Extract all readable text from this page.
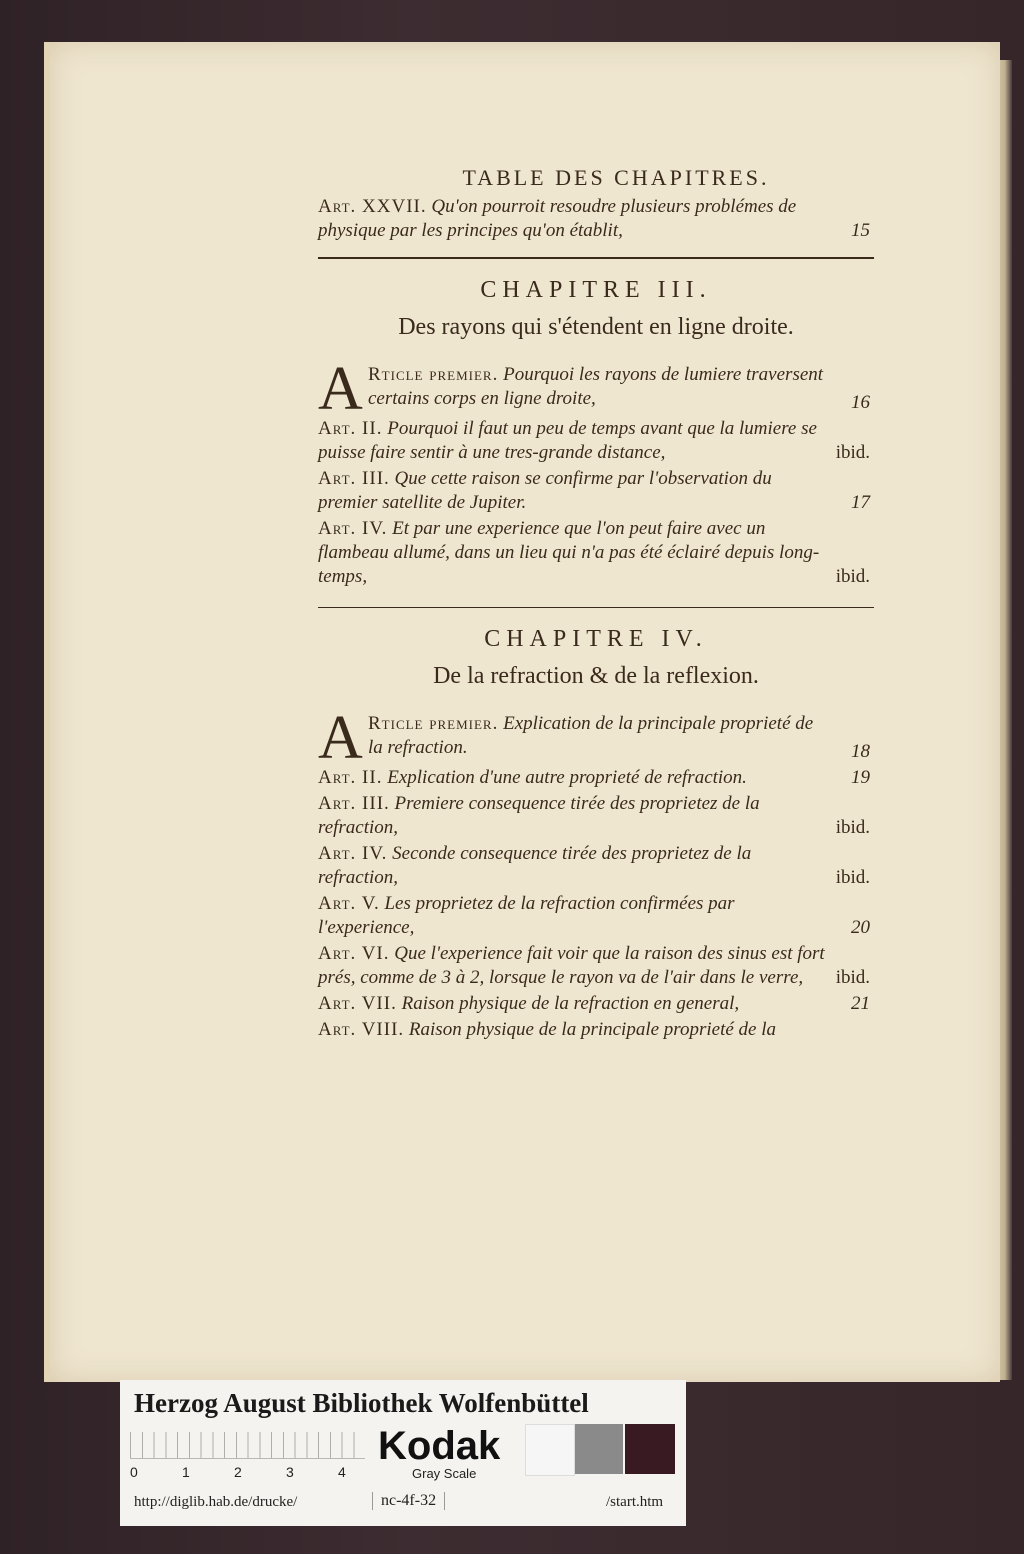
TABLE DES CHAPITRES.
Art. XXVII. Qu'on pourroit resoudre plusieurs problémes de physique par les principes qu'on établit,	15
CHAPITRE III.
Des rayons qui s'étendent en ligne droite.
A Rticle premier. Pourquoi les rayons de lumiere traversent certains corps en ligne droite,	16
Art. II. Pourquoi il faut un peu de temps avant que la lumiere se puisse faire sentir à une tres-grande distance,	ibid.
Art. III. Que cette raison se confirme par l'observation du premier satellite de Jupiter.	17
Art. IV. Et par une experience que l'on peut faire avec un flambeau allumé, dans un lieu qui n'a pas été éclairé depuis long-temps,	ibid.
CHAPITRE IV.
De la refraction & de la reflexion.
A Rticle premier. Explication de la principale proprieté de la refraction.	18
Art. II. Explication d'une autre proprieté de refraction.	19
Art. III. Premiere consequence tirée des proprietez de la refraction,	ibid.
Art. IV. Seconde consequence tirée des proprietez de la refraction,	ibid.
Art. V. Les proprietez de la refraction confirmées par l'experience,	20
Art. VI. Que l'experience fait voir que la raison des sinus est fort prés, comme de 3 à 2, lorsque le rayon va de l'air dans le verre, ibid.
Art. VII. Raison physique de la refraction en general,	21
Art. VIII. Raison physique de la principale proprieté de la
Herzog August Bibliothek Wolfenbüttel
0	1	2	3	4
Kodak
Gray Scale
http://diglib.hab.de/drucke/	nc-4f-32	/start.htm
